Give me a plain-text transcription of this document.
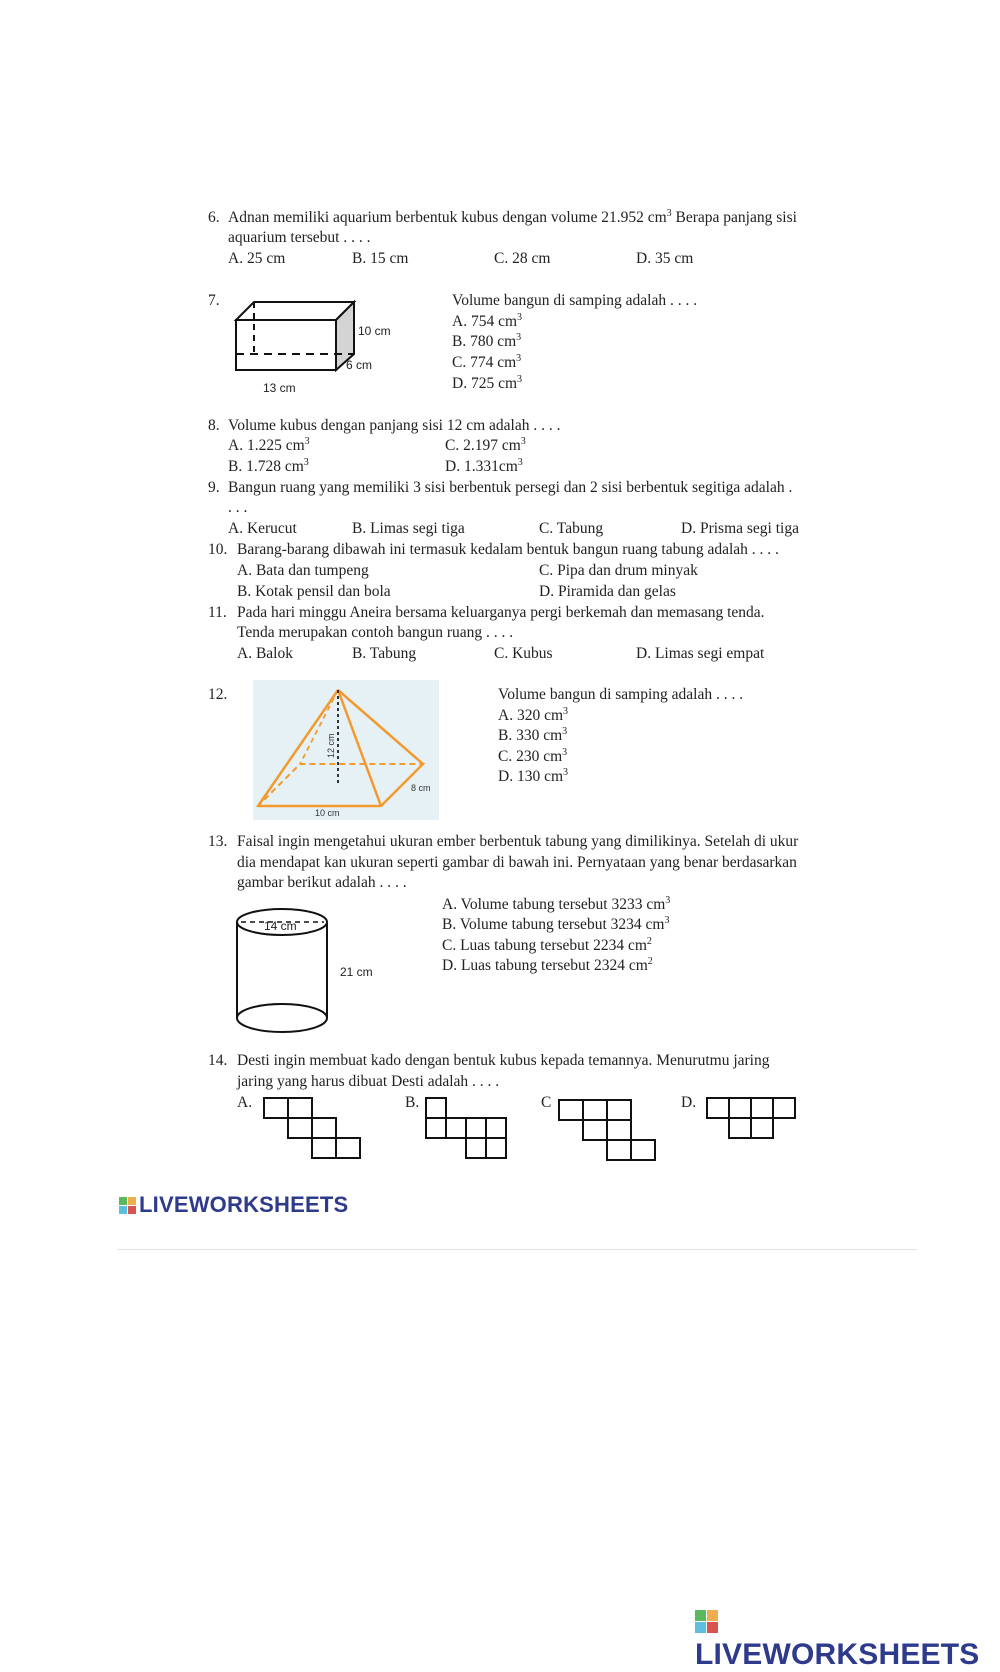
6. Adnan memiliki aquarium berbentuk kubus dengan volume 21.952 cm 3 Berapa panjang sisi
aquarium tersebut . . . .
A. 25 cm	B. 15 cm	C. 28 cm	D. 35 cm
7.
10 cm
6 cm
13 cm
Volume bangun di samping adalah . . . .
A. 754 cm 3
B. 780 cm 3
C. 774 cm 3
D. 725 cm 3
8. Volume kubus dengan panjang sisi 12 cm adalah . . . .
A. 1.225 cm 3	C. 2.197 cm 3
B. 1.728 cm 3	D. 1.331cm 3
9. Bangun ruang yang memiliki 3 sisi berbentuk persegi dan 2 sisi berbentuk segitiga adalah .
. . .
A. Kerucut	B. Limas segi tiga	C. Tabung	D. Prisma segi tiga
10. Barang-barang dibawah ini termasuk kedalam bentuk bangun ruang tabung adalah . . . .
A. Bata dan tumpeng	C. Pipa dan drum minyak
B. Kotak pensil dan bola	D. Piramida dan gelas
11. Pada hari minggu Aneira bersama keluarganya pergi berkemah dan memasang tenda.
Tenda merupakan contoh bangun ruang . . . .
A. Balok	B. Tabung	C. Kubus	D. Limas segi empat
12.
12 cm
8 cm
10 cm
Volume bangun di samping adalah . . . .
A. 320 cm 3
B. 330 cm 3
C. 230 cm 3
D. 130 cm 3
13. Faisal ingin mengetahui ukuran ember berbentuk tabung yang dimilikinya. Setelah di ukur
dia mendapat kan ukuran seperti gambar di bawah ini. Pernyataan yang benar berdasarkan
gambar berikut adalah . . . .
14 cm
21 cm
A. Volume tabung tersebut 3233 cm 3
B. Volume tabung tersebut 3234 cm 3
C. Luas tabung tersebut 2234 cm 2
D. Luas tabung tersebut 2324 cm 2
14. Desti ingin membuat kado dengan bentuk kubus kepada temannya. Menurutmu jaring
jaring yang harus dibuat Desti adalah . . . .
A.	B.	C	D.
LIVEWORKSHEETS
LIVEWORKSHEETS
